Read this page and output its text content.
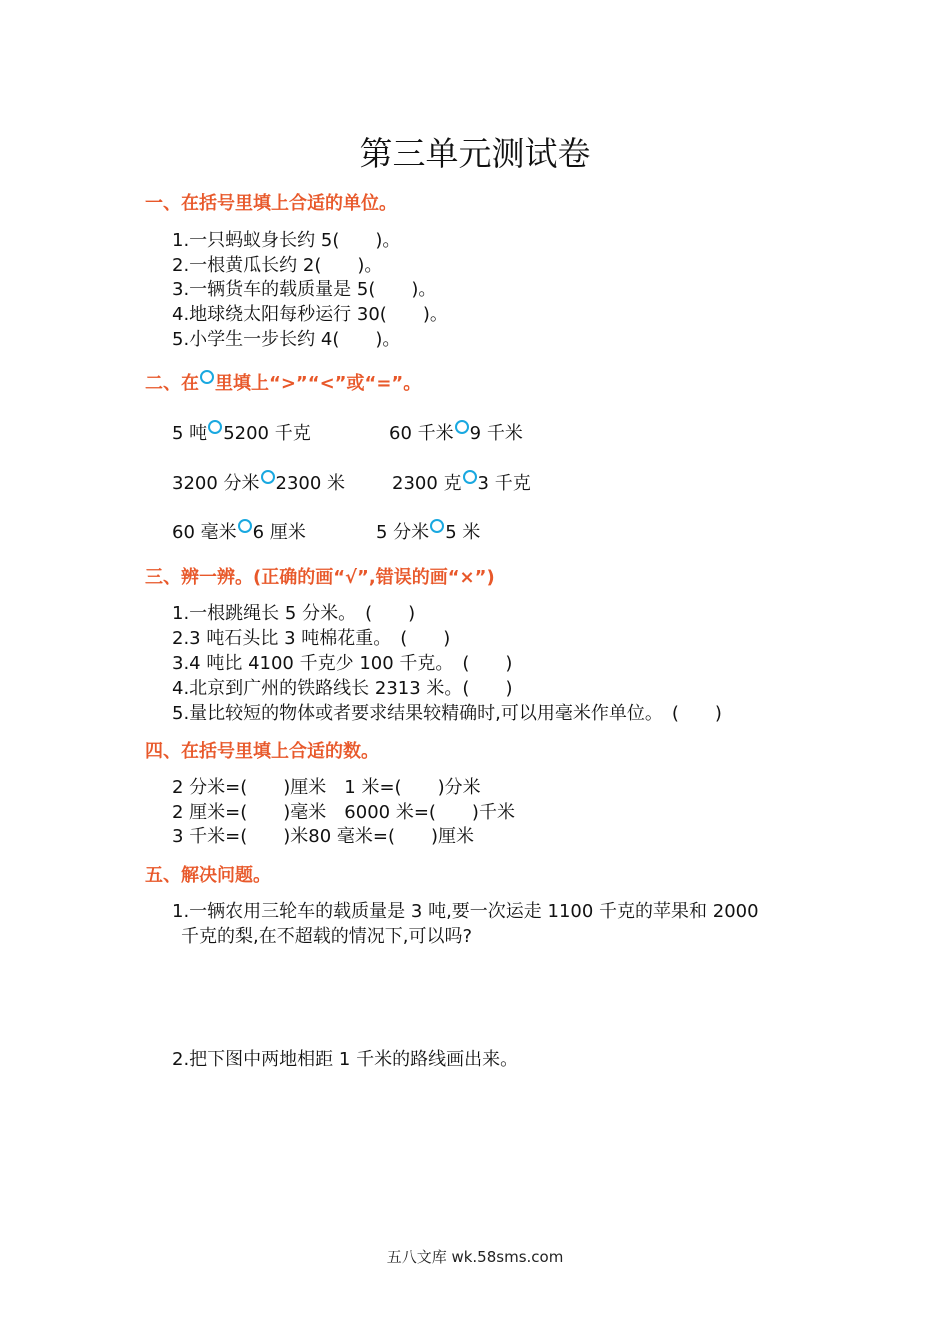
第三单元测试卷
一、在括号里填上合适的单位。
1.一只蚂蚁身长约 5(　　)。
2.一根黄瓜长约 2(　　)。
3.一辆货车的载质量是 5(　　)。
4.地球绕太阳每秒运行 30(　　)。
5.小学生一步长约 4(　　)。
二、在 里填上“>”“<”或“=”。
5 吨 5200 千克	60 千米 9 千米
3200 分米 2300 米	2300 克 3 千克
60 毫米 6 厘米	5 分米 5 米
三、辨一辨。(正确的画“√”,错误的画“×”)
1.一根跳绳长 5 分米。　(　　)
2.3 吨石头比 3 吨棉花重。　(　　)
3.4 吨比 4100 千克少 100 千克。　(　　)
4.北京到广州的铁路线长 2313 米。(　　)
5.量比较短的物体或者要求结果较精确时,可以用毫米作单位。　(　　)
四、在括号里填上合适的数。
2 分米=(　　)厘米　1 米=(　　)分米
2 厘米=(　　)毫米　6000 米=(　　)千米
3 千米=(　　)米80 毫米=(　　)厘米
五、解决问题。
1.一辆农用三轮车的载质量是 3 吨,要一次运走 1100 千克的苹果和 2000
千克的梨,在不超载的情况下,可以吗?
2.把下图中两地相距 1 千米的路线画出来。
五八文库 wk.58sms.com
